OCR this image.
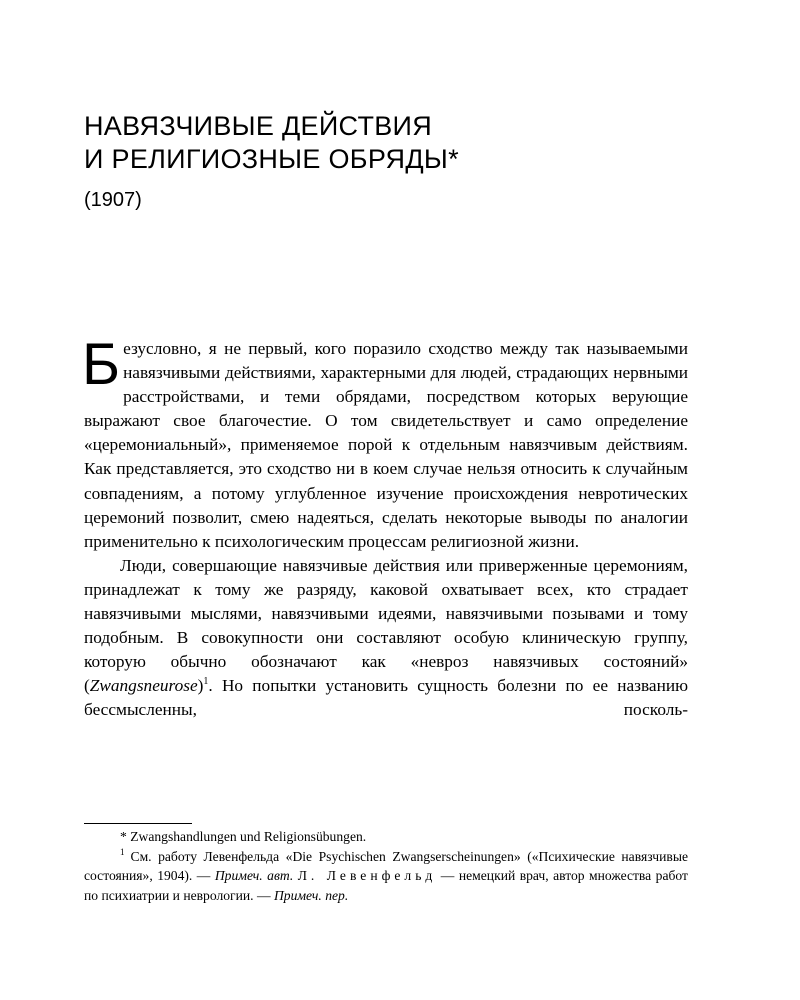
НАВЯЗЧИВЫЕ ДЕЙСТВИЯ
И РЕЛИГИОЗНЫЕ ОБРЯДЫ*
(1907)

Безусловно, я не первый, кого поразило сходство между так называемыми навязчивыми действиями, характерными для людей, страдающих нервными расстройствами, и теми обрядами, посредством которых верующие выражают свое благочестие. О том свидетельствует и само определение «церемониальный», применяемое порой к отдельным навязчивым действиям. Как представляется, это сходство ни в коем случае нельзя относить к случайным совпадениям, а потому углубленное изучение происхождения невротических церемоний позволит, смею надеяться, сделать некоторые выводы по аналогии применительно к психологическим процессам религиозной жизни.

Люди, совершающие навязчивые действия или приверженные церемониям, принадлежат к тому же разряду, каковой охватывает всех, кто страдает навязчивыми мыслями, навязчивыми идеями, навязчивыми позывами и тому подобным. В совокупности они составляют особую клиническую группу, которую обычно обозначают как «невроз навязчивых состояний» (Zwangsneurose)$^1$. Но попытки установить сущность болезни по ее названию бессмысленны, посколь-

* Zwangshandlungen und Religionsübungen.

$^1$ См. работу Левенфельда «Die Psychischen Zwangserscheinungen» («Психические навязчивые состояния», 1904). — Примеч. авт. Л. Левенфельд — немецкий врач, автор множества работ по психиатрии и неврологии. — Примеч. пер.
